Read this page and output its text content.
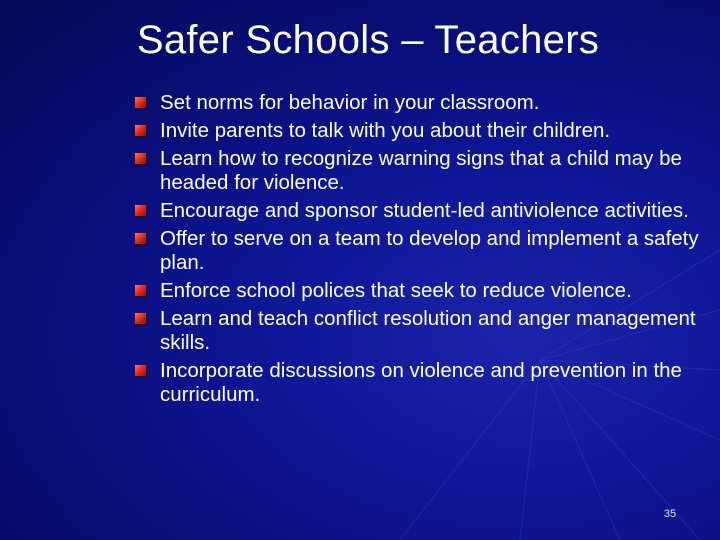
Safer Schools – Teachers
Set norms for behavior in your classroom.
Invite parents to talk with you about their children.
Learn how to recognize warning signs that a child may be headed for violence.
Encourage and sponsor student-led antiviolence activities.
Offer to serve on a team to develop and implement a safety plan.
Enforce school polices that seek to reduce violence.
Learn and teach conflict resolution and anger management skills.
Incorporate discussions on violence and prevention in the curriculum.
35
